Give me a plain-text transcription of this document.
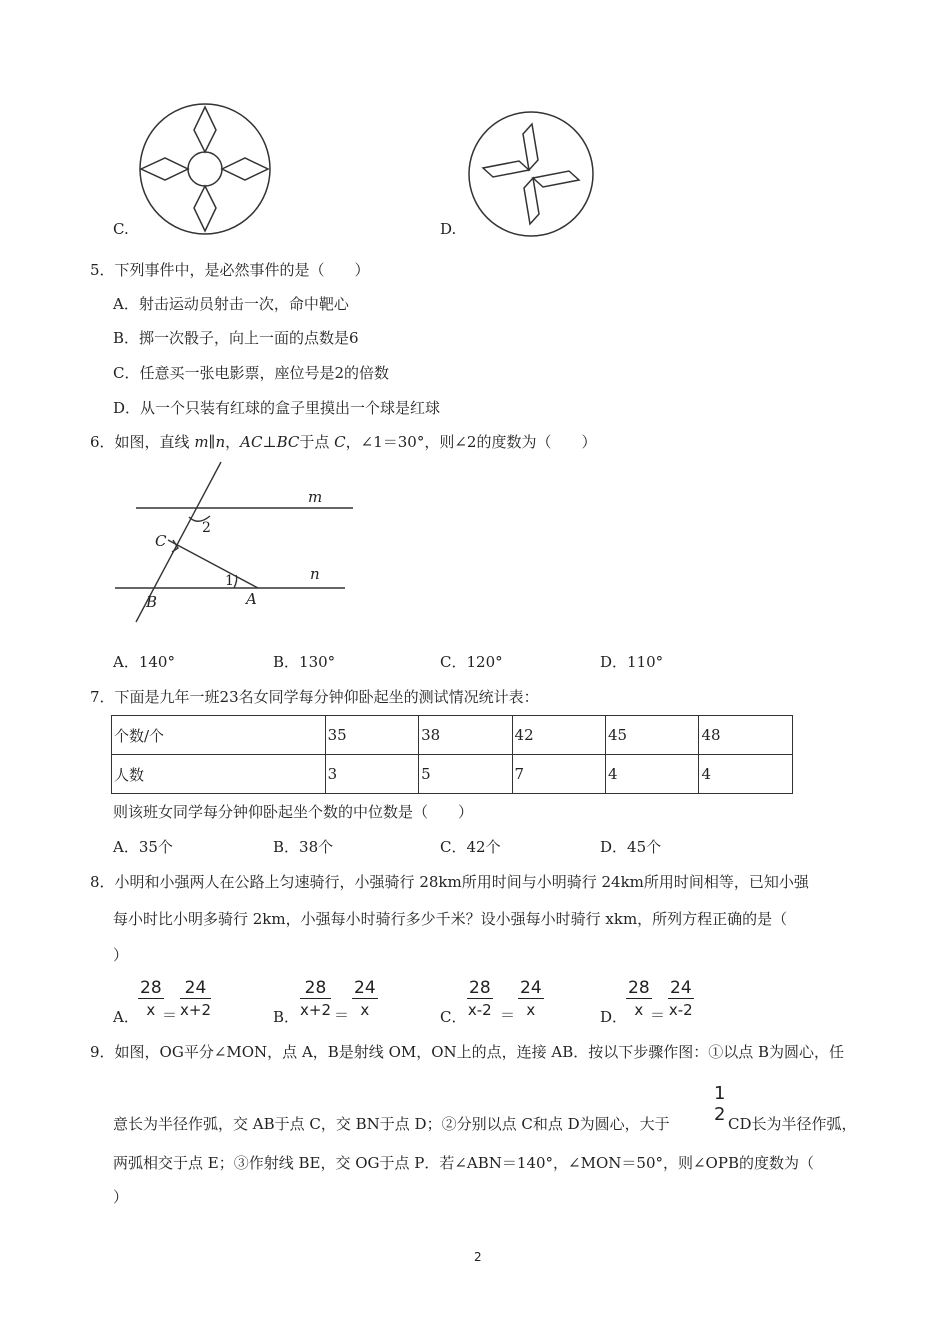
C.	D.
5．下列事件中，是必然事件的是（　　）
A．射击运动员射击一次，命中靶心
B．掷一次骰子，向上一面的点数是6
C．任意买一张电影票，座位号是2的倍数
D．从一个只装有红球的盒子里摸出一个球是红球
6．如图，直线 m∥n，AC⊥BC于点 C，∠1＝30°，则∠2的度数为（　　）
m
n
C
B	A
2
1
A．140°	B．130°	C．120°	D．110°
7．下面是九年一班23名女同学每分钟仰卧起坐的测试情况统计表：
个数/个	35	38	42	45	48
人数	3	5	7	4	4
则该班女同学每分钟仰卧起坐个数的中位数是（　　）
A．35个	B．38个	C．42个	D．45个
8．小明和小强两人在公路上匀速骑行，小强骑行 28km所用时间与小明骑行 24km所用时间相等，已知小强
每小时比小明多骑行 2km，小强每小时骑行多少千米？设小强每小时骑行 xkm，所列方程正确的是（
）
A． $\frac{28}{x}$
＝ $\frac{24}{x+2}$	B． $\frac{28}{x+2} = \frac{24}{x}$	C． $\frac{28}{x-2} = \frac{24}{x}$	D．
$\frac{28}{x}$
＝ $\frac{24}{x-2}$
9．如图，OG平分∠MON，点 A，B是射线 OM，ON上的点，连接 AB．按以下步骤作图：①以点 B为圆心，任
意长为半径作弧，交 AB于点 C，交 BN于点 D；②分别以点 C和点 D为圆心，大于
1
2 CD长为半径作弧，
两弧相交于点 E；③作射线 BE，交 OG于点 P．若∠ABN＝140°，∠MON＝50°，则∠OPB的度数为（
）
2
